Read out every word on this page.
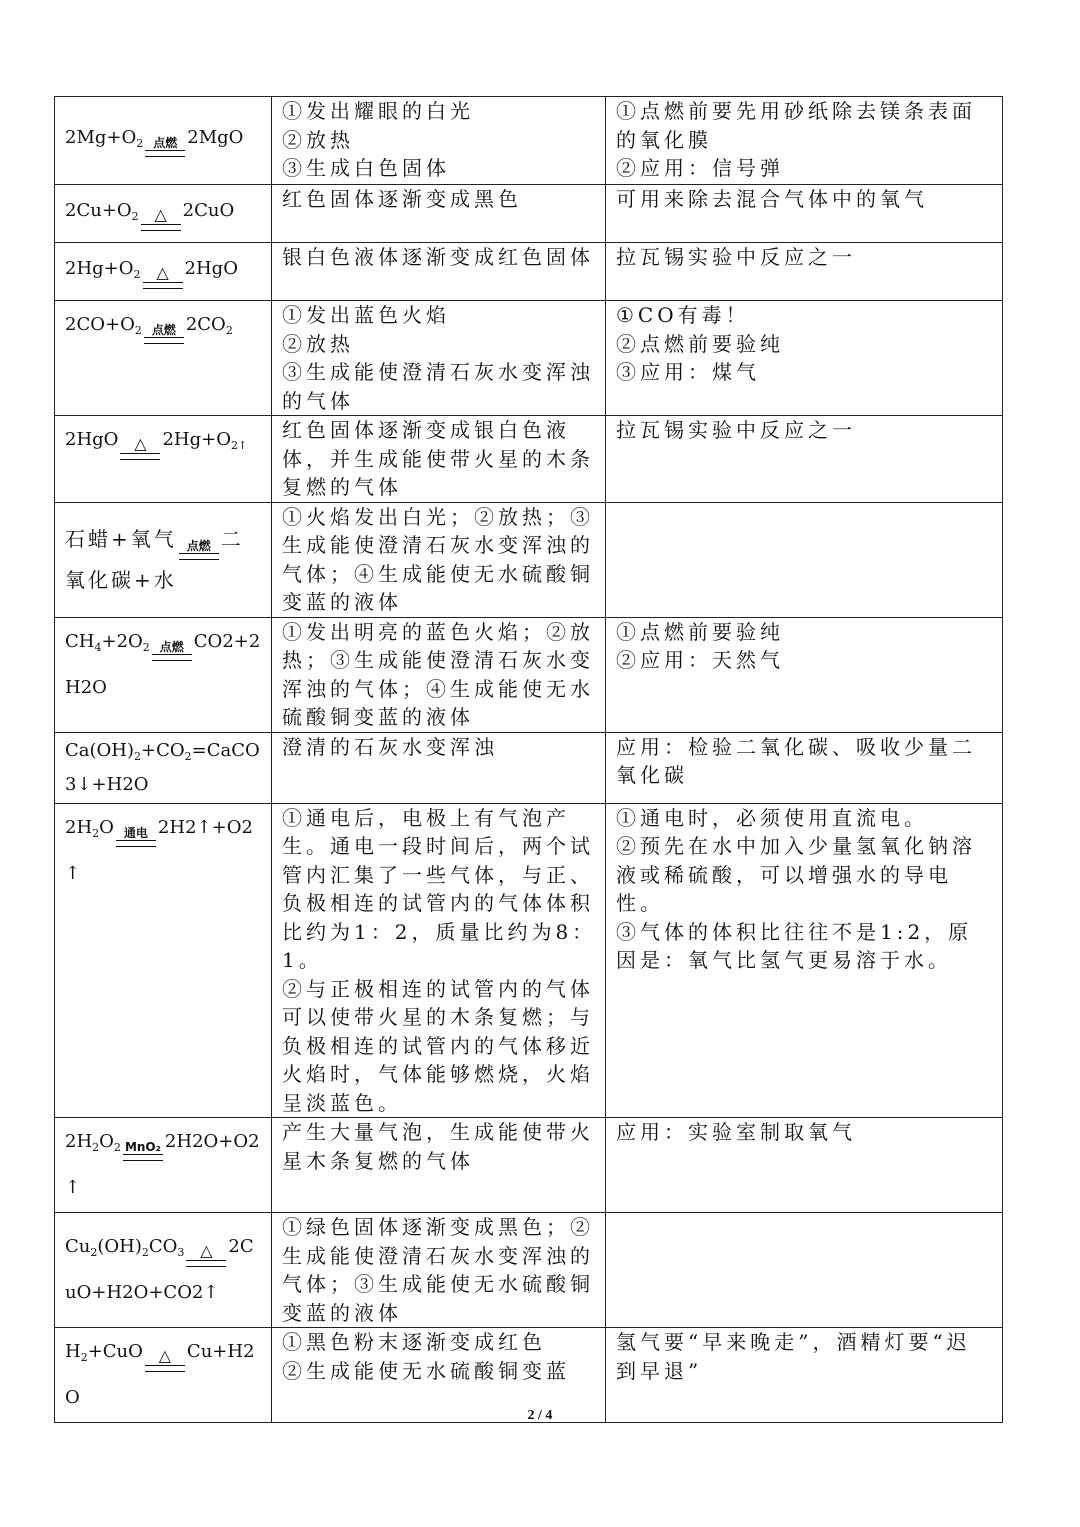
$2Mg+O_2$ 点燃 2MgO	①发出耀眼的白光
②放热
③生成白色固体	①点燃前要先用砂纸除去镁条表面的氧化膜
②应用：信号弹
$2Cu+O_2$ △ 2CuO	红色固体逐渐变成黑色	可用来除去混合气体中的氧气
$2Hg+O_2$ △ 2HgO	银白色液体逐渐变成红色固体	拉瓦锡实验中反应之一
$2CO+O_2$ 点燃 $2CO_2$	①发出蓝色火焰
②放热
③生成能使澄清石灰水变浑浊的气体	①CO有毒！
②点燃前要验纯
③应用：煤气
2HgO △ $2Hg+O_{2↑}$	红色固体逐渐变成银白色液体，并生成能使带火星的木条复燃的气体	拉瓦锡实验中反应之一
石蜡+氧气 点燃 二氧化碳+水	①火焰发出白光；②放热；③生成能使澄清石灰水变浑浊的气体；④生成能使无水硫酸铜变蓝的液体	
$CH_4+2O_2$ 点燃 CO2+2H2O	①发出明亮的蓝色火焰；②放热；③生成能使澄清石灰水变浑浊的气体；④生成能使无水硫酸铜变蓝的液体	①点燃前要验纯
②应用：天然气
$Ca(OH)_2+CO_2=CaCO3↓+H2O$	澄清的石灰水变浑浊	应用：检验二氧化碳、吸收少量二氧化碳
$2H_2O$ 通电 2H2↑+O2↑	①通电后，电极上有气泡产生。通电一段时间后，两个试管内汇集了一些气体，与正、负极相连的试管内的气体体积比约为1：2，质量比约为8：1。
②与正极相连的试管内的气体可以使带火星的木条复燃；与负极相连的试管内的气体移近火焰时，气体能够燃烧，火焰呈淡蓝色。	①通电时，必须使用直流电。
②预先在水中加入少量氢氧化钠溶液或稀硫酸，可以增强水的导电性。
③气体的体积比往往不是1:2，原因是：氧气比氢气更易溶于水。
$2H_2O_2$ MnO₂ 2H2O+O2↑	产生大量气泡，生成能使带火星木条复燃的气体	应用：实验室制取氧气
$Cu_2(OH)_2CO_3$ △ 2CuO+H2O+CO2↑	①绿色固体逐渐变成黑色；②生成能使澄清石灰水变浑浊的气体；③生成能使无水硫酸铜变蓝的液体	
$H_2+CuO$ △ Cu+H2O	①黑色粉末逐渐变成红色
②生成能使无水硫酸铜变蓝	氢气要“早来晚走”，酒精灯要“迟到早退”
2 / 4
